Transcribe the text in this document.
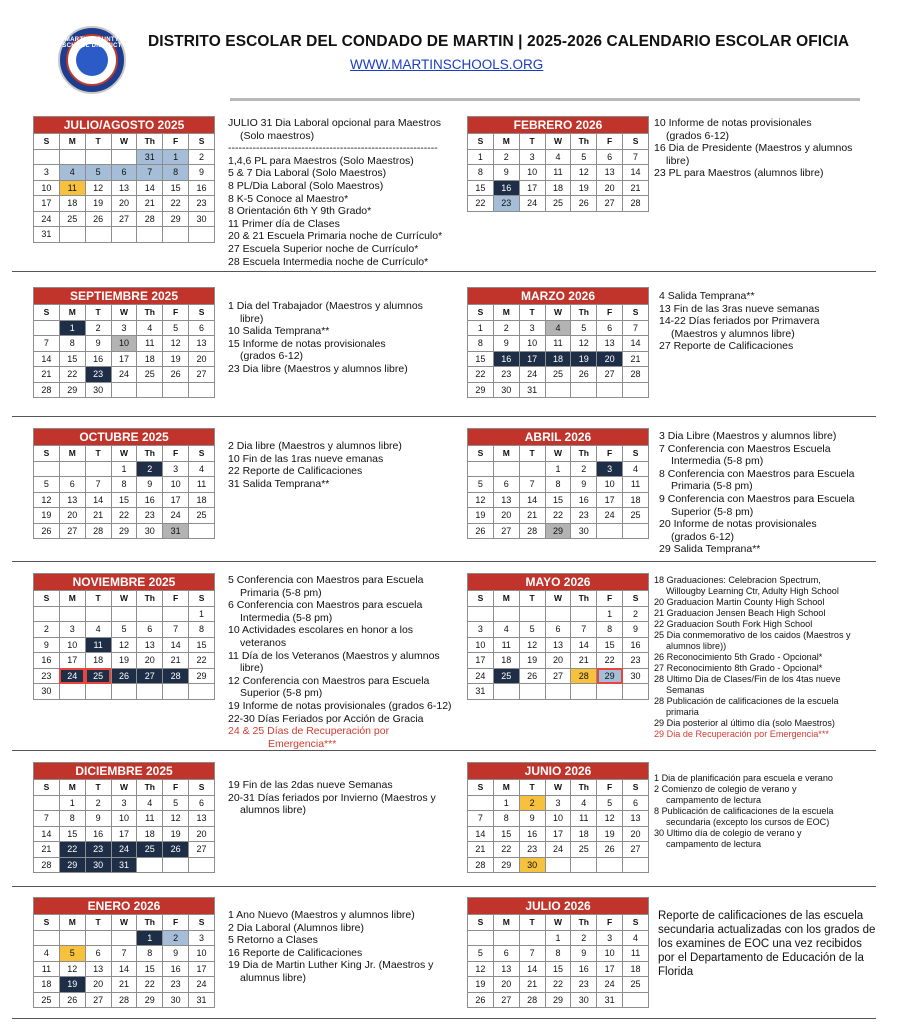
MARTIN COUNTY SCHOOL DISTRICT DISTRITO ESCOLAR DEL CONDADO DE MARTIN | 2025-2026 CALENDARIO ESCOLAR OFICIA
WWW.MARTINSCHOOLS.ORG
Reporte de calificaciones de las escuela secundaria actualizadas con los grados de los examines de EOC una vez recibidos por el Departamento de Educación de la Florida
JULIO/AGOSTO 2025
S	M	T	W	Th	F	S
				31	1	2
3	4	5	6	7	8	9
10	11	12	13	14	15	16
17	18	19	20	21	22	23
24	25	26	27	28	29	30
31						
JULIO 31 Dia Laboral opcional para Maestros
(Solo maestros)
------------------------------------------------------------
1,4,6 PL para Maestros (Solo Maestros)
5 & 7 Dia Laboral (Solo Maestros)
8 PL/Dia Laboral (Solo Maestros)
8 K-5 Conoce al Maestro*
8 Orientación 6th Y 9th Grado*
11 Primer día de Clases
20 & 21 Escuela Primaria noche de Currículo*
27 Escuela Superior noche de Currículo*
28 Escuela Intermedia noche de Currículo*
FEBRERO 2026
S	M	T	W	Th	F	S
1	2	3	4	5	6	7
8	9	10	11	12	13	14
15	16	17	18	19	20	21
22	23	24	25	26	27	28
10 Informe de notas provisionales
(grados 6-12)
16 Dia de Presidente (Maestros y alumnos
libre)
23 PL para Maestros (alumnos libre)
SEPTIEMBRE 2025
S	M	T	W	Th	F	S
	1	2	3	4	5	6
7	8	9	10	11	12	13
14	15	16	17	18	19	20
21	22	23	24	25	26	27
28	29	30				
1 Dia del Trabajador (Maestros y alumnos
libre)
10 Salida Temprana**
15 Informe de notas provisionales
(grados 6-12)
23 Dia libre (Maestros y alumnos libre)
MARZO 2026
S	M	T	W	Th	F	S
1	2	3	4	5	6	7
8	9	10	11	12	13	14
15	16	17	18	19	20	21
22	23	24	25	26	27	28
29	30	31				
4 Salida Temprana**
13 Fin de las 3ras nueve semanas
14-22 Días feriados por Primavera
(Maestros y alumnos libre)
27 Reporte de Calificaciones
OCTUBRE 2025
S	M	T	W	Th	F	S
			1	2	3	4
5	6	7	8	9	10	11
12	13	14	15	16	17	18
19	20	21	22	23	24	25
26	27	28	29	30	31	
2 Dia libre (Maestros y alumnos libre)
10 Fin de las 1ras nueve emanas
22 Reporte de Calificaciones
31 Salida Temprana**
ABRIL 2026
S	M	T	W	Th	F	S
			1	2	3	4
5	6	7	8	9	10	11
12	13	14	15	16	17	18
19	20	21	22	23	24	25
26	27	28	29	30		
3 Dia Libre (Maestros y alumnos libre)
7 Conferencia con Maestros Escuela
Intermedia (5-8 pm)
8 Conferencia con Maestros para Escuela
Primaria (5-8 pm)
9 Conferencia con Maestros para Escuela
Superior (5-8 pm)
20 Informe de notas provisionales
(grados 6-12)
29 Salida Temprana**
NOVIEMBRE 2025
S	M	T	W	Th	F	S
						1
2	3	4	5	6	7	8
9	10	11	12	13	14	15
16	17	18	19	20	21	22
23	24	25	26	27	28	29
30						
5 Conferencia con Maestros para Escuela
Primaria (5-8 pm)
6 Conferencia con Maestros para escuela
Intermedia (5-8 pm)
10 Actividades escolares en honor a los
veteranos
11 Día de los Veteranos (Maestros y alumnos
libre)
12 Conferencia con Maestros para Escuela
Superior (5-8 pm)
19 Informe de notas provisionales (grados 6-12)
22-30 Días Feriados por Acción de Gracia
24 & 25 Días de Recuperación por
Emergencia***
MAYO 2026
S	M	T	W	Th	F	S
					1	2
3	4	5	6	7	8	9
10	11	12	13	14	15	16
17	18	19	20	21	22	23
24	25	26	27	28	29	30
31						
18 Graduaciones: Celebracion Spectrum,
Willougby Learning Ctr, Adulty High School
20 Graduacion Martin County High School
21 Graduacion Jensen Beach High School
22 Graduacion South Fork High School
25 Dia conmemorativo de los caidos (Maestros y
alumnos libre))
26 Reconocimiento 5th Grado - Opcional*
27 Reconocimiento 8th Grado - Opcional*
28 Ultimo Dia de Clases/Fin de los 4tas nueve
Semanas
28 Publicación de calificaciones de la escuela
primaria
29 Dia posterior al último día (solo Maestros)
29 Dia de Recuperación por Emergencia***
DICIEMBRE 2025
S	M	T	W	Th	F	S
	1	2	3	4	5	6
7	8	9	10	11	12	13
14	15	16	17	18	19	20
21	22	23	24	25	26	27
28	29	30	31			
19 Fin de las 2das nueve Semanas
20-31 Días feriados por Invierno (Maestros y
alumnos libre)
JUNIO 2026
S	M	T	W	Th	F	S
	1	2	3	4	5	6
7	8	9	10	11	12	13
14	15	16	17	18	19	20
21	22	23	24	25	26	27
28	29	30				
1 Dia de planificación para escuela e verano
2 Comienzo de colegio de verano y
campamento de lectura
8 Publicación de calificaciones de la escuela
secundaria (excepto los cursos de EOC)
30 Ultimo día de colegio de verano y
campamento de lectura
ENERO 2026
S	M	T	W	Th	F	S
				1	2	3
4	5	6	7	8	9	10
11	12	13	14	15	16	17
18	19	20	21	22	23	24
25	26	27	28	29	30	31
1 Ano Nuevo (Maestros y alumnos libre)
2 Dia Laboral (Alumnos libre)
5 Retorno a Clases
16 Reporte de Calificaciones
19 Dia de Martin Luther King Jr. (Maestros y
alumnus libre)
JULIO 2026
S	M	T	W	Th	F	S
			1	2	3	4
5	6	7	8	9	10	11
12	13	14	15	16	17	18
19	20	21	22	23	24	25
26	27	28	29	30	31	
